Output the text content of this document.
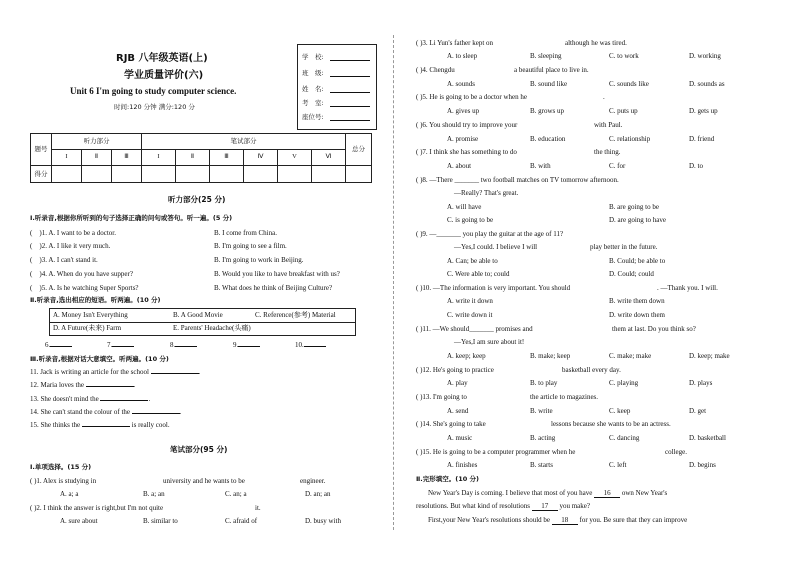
RJB 八年级英语(上)
学业质量评价(六)
Unit 6 I'm going to study computer science.
时间:120 分钟 满分:120 分
学　校:
班　级:
姓　名:
考　室:
座位号:
题号	听力部分			笔试部分						总分
	I	Ⅱ	Ⅲ	I	Ⅱ	Ⅲ	Ⅳ	V	Ⅵ	
得分										
听力部分(25 分)
Ⅰ.听录音,根据你所听到的句子选择正确的问句或答句。听一遍。(5 分)
( )1. A. I want to be a doctor.	B. I come from China.
( )2. A. I like it very much.	B. I'm going to see a film.
( )3. A. I can't stand it.	B. I'm going to work in Beijing.
( )4. A. When do you have supper?	B. Would you like to have breakfast with us?
( )5. A. Is he watching Super Sports?	B. What does he think of Beijing Culture?
Ⅱ.听录音,选出相应的短语。听两遍。(10 分)
A. Money Isn't Everything	B. A Good Movie	C. Reference(参考) Material
D. A Future(未来) Farm	E. Parents' Headache(头痛)
6.	7.	8.	9.	10.
Ⅲ.听录音,根据对话大意填空。听两遍。(10 分)
11. Jack is writing an article for the school	.
12. Maria loves the	.
13. She doesn't mind the	.
14. She can't stand the colour of the	.
15. She thinks the	is really cool.
笔试部分(95 分)
Ⅰ.单项选择。(15 分)
( )1. Alex is studying in	university and he wants to be	engineer.
A. a; a	B. a; an	C. an; a	D. an; an
( )2. I think the answer is right,but I'm not quite	it.
A. sure about	B. similar to	C. afraid of	D. busy with
( )3. Li Yun's father kept on	although he was tired.
A. to sleep	B. sleeping	C. to work	D. working
( )4. Chengdu	a beautiful place to live in.
A. sounds	B. sound like	C. sounds like	D. sounds as
( )5. He is going to be a doctor when he	.
A. gives up	B. grows up	C. puts up	D. gets up
( )6. You should try to improve your	with Paul.
A. promise	B. education	C. relationship	D. friend
( )7. I think she has something to do	the thing.
A. about	B. with	C. for	D. to
( )8. —There _______ two football matches on TV tomorrow afternoon.
—Really? That's great.
A. will have	B. are going to be
C. is going to be	D. are going to have
( )9. —_______ you play the guitar at the age of 11?
—Yes,I could. I believe I will	play better in the future.
A. Can; be able to	B. Could; be able to
C. Were able to; could	D. Could; could
( )10. —The information is very important. You should	. —Thank you. I will.
A. write it down	B. write them down
C. write down it	D. write down them
( )11. —We should_______ promises and	them at last. Do you think so?
—Yes,I am sure about it!
A. keep; keep	B. make; keep	C. make; make	D. keep; make
( )12. He's going to practice	basketball every day.
A. play	B. to play	C. playing	D. plays
( )13. I'm going to	the article to magazines.
A. send	B. write	C. keep	D. get
( )14. She's going to take	lessons because she wants to be an actress.
A. music	B. acting	C. dancing	D. basketball
( )15. He is going to be a computer programmer when he	college.
A. finishes	B. starts	C. left	D. begins
Ⅱ.完形填空。(10 分)
New Year's Day is coming. I believe that most of you have 16 own New Year's
resolutions. But what kind of resolutions 17 you make?
First,your New Year's resolutions should be 18 for you. Be sure that they can improve
